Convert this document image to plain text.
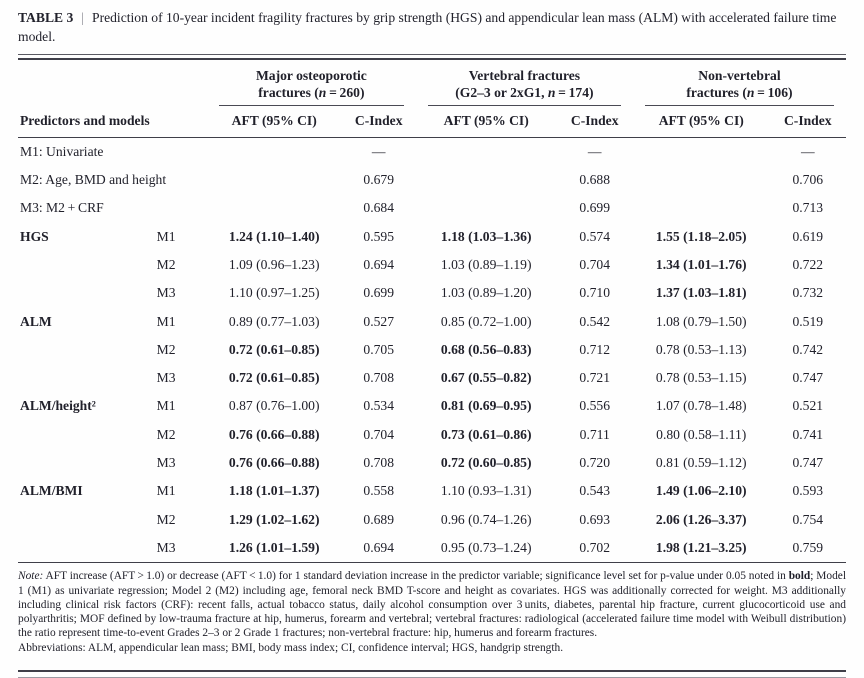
TABLE 3 | Prediction of 10-year incident fragility fractures by grip strength (HGS) and appendicular lean mass (ALM) with accelerated failure time model.

		Major osteoporotic
fractures (n = 260)		Vertebral fractures
(G2–3 or 2xG1, n = 174)		Non-vertebral
fractures (n = 106)	

Predictors and models		AFT (95% CI)	C-Index	AFT (95% CI)	C-Index	AFT (95% CI)	C-Index
M1: Univariate			—		—		—
M2: Age, BMD and height			0.679		0.688		0.706
M3: M2 + CRF			0.684		0.699		0.713
HGS	M1	1.24 (1.10–1.40)	0.595	1.18 (1.03–1.36)	0.574	1.55 (1.18–2.05)	0.619
	M2	1.09 (0.96–1.23)	0.694	1.03 (0.89–1.19)	0.704	1.34 (1.01–1.76)	0.722
	M3	1.10 (0.97–1.25)	0.699	1.03 (0.89–1.20)	0.710	1.37 (1.03–1.81)	0.732
ALM	M1	0.89 (0.77–1.03)	0.527	0.85 (0.72–1.00)	0.542	1.08 (0.79–1.50)	0.519
	M2	0.72 (0.61–0.85)	0.705	0.68 (0.56–0.83)	0.712	0.78 (0.53–1.13)	0.742
	M3	0.72 (0.61–0.85)	0.708	0.67 (0.55–0.82)	0.721	0.78 (0.53–1.15)	0.747
ALM/height²	M1	0.87 (0.76–1.00)	0.534	0.81 (0.69–0.95)	0.556	1.07 (0.78–1.48)	0.521
	M2	0.76 (0.66–0.88)	0.704	0.73 (0.61–0.86)	0.711	0.80 (0.58–1.11)	0.741
	M3	0.76 (0.66–0.88)	0.708	0.72 (0.60–0.85)	0.720	0.81 (0.59–1.12)	0.747
ALM/BMI	M1	1.18 (1.01–1.37)	0.558	1.10 (0.93–1.31)	0.543	1.49 (1.06–2.10)	0.593
	M2	1.29 (1.02–1.62)	0.689	0.96 (0.74–1.26)	0.693	2.06 (1.26–3.37)	0.754
	M3	1.26 (1.01–1.59)	0.694	0.95 (0.73–1.24)	0.702	1.98 (1.21–3.25)	0.759

Note: AFT increase (AFT > 1.0) or decrease (AFT < 1.0) for 1 standard deviation increase in the predictor variable; significance level set for p-value under 0.05 noted in bold; Model 1 (M1) as univariate regression; Model 2 (M2) including age, femoral neck BMD T-score and height as covariates. HGS was additionally corrected for weight. M3 additionally including clinical risk factors (CRF): recent falls, actual tobacco status, daily alcohol consumption over 3 units, diabetes, parental hip fracture, current glucocorticoid use and polyarthritis; MOF defined by low-trauma fracture at hip, humerus, forearm and vertebral; vertebral fractures: radiological (accelerated failure time model with Weibull distribution) the ratio represent time-to-event Grades 2–3 or 2 Grade 1 fractures; non-vertebral fracture: hip, humerus and forearm fractures.

Abbreviations: ALM, appendicular lean mass; BMI, body mass index; CI, confidence interval; HGS, handgrip strength.
